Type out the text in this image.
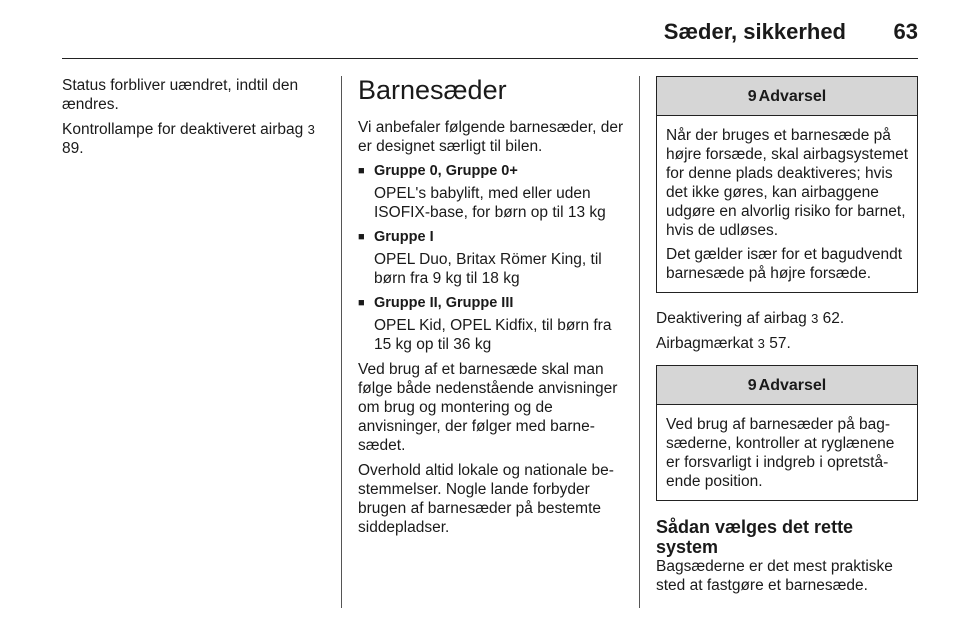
Sæder, sikkerhed 63

Status forbliver uændret, indtil den ændres.

Kontrollampe for deaktiveret airbag 3 89.

Barnesæder

Vi anbefaler følgende barnesæder, der er designet særligt til bilen.

■ Gruppe 0, Gruppe 0+
OPEL's babylift, med eller uden ISOFIX-base, for børn op til 13 kg
■ Gruppe I
OPEL Duo, Britax Römer King, til børn fra 9 kg til 18 kg
■ Gruppe II, Gruppe III
OPEL Kid, OPEL Kidfix, til børn fra 15 kg op til 36 kg

Ved brug af et barnesæde skal man følge både nedenstående anvisninger om brug og montering og de anvisninger, der følger med barnesædet.

Overhold altid lokale og nationale bestemmelser. Nogle lande forbyder brugen af barnesæder på bestemte siddepladser.

9 Advarsel

Når der bruges et barnesæde på højre forsæde, skal airbagsystemet for denne plads deaktiveres; hvis det ikke gøres, kan airbaggene udgøre en alvorlig risiko for barnet, hvis de udløses.

Det gælder især for et bagudvendt barnesæde på højre forsæde.

Deaktivering af airbag 3 62.

Airbagmærkat 3 57.

9 Advarsel

Ved brug af barnesæder på bagsæderne, kontroller at ryglænene er forsvarligt i indgreb i opretstående position.

Sådan vælges det rette system

Bagsæderne er det mest praktiske sted at fastgøre et barnesæde.
